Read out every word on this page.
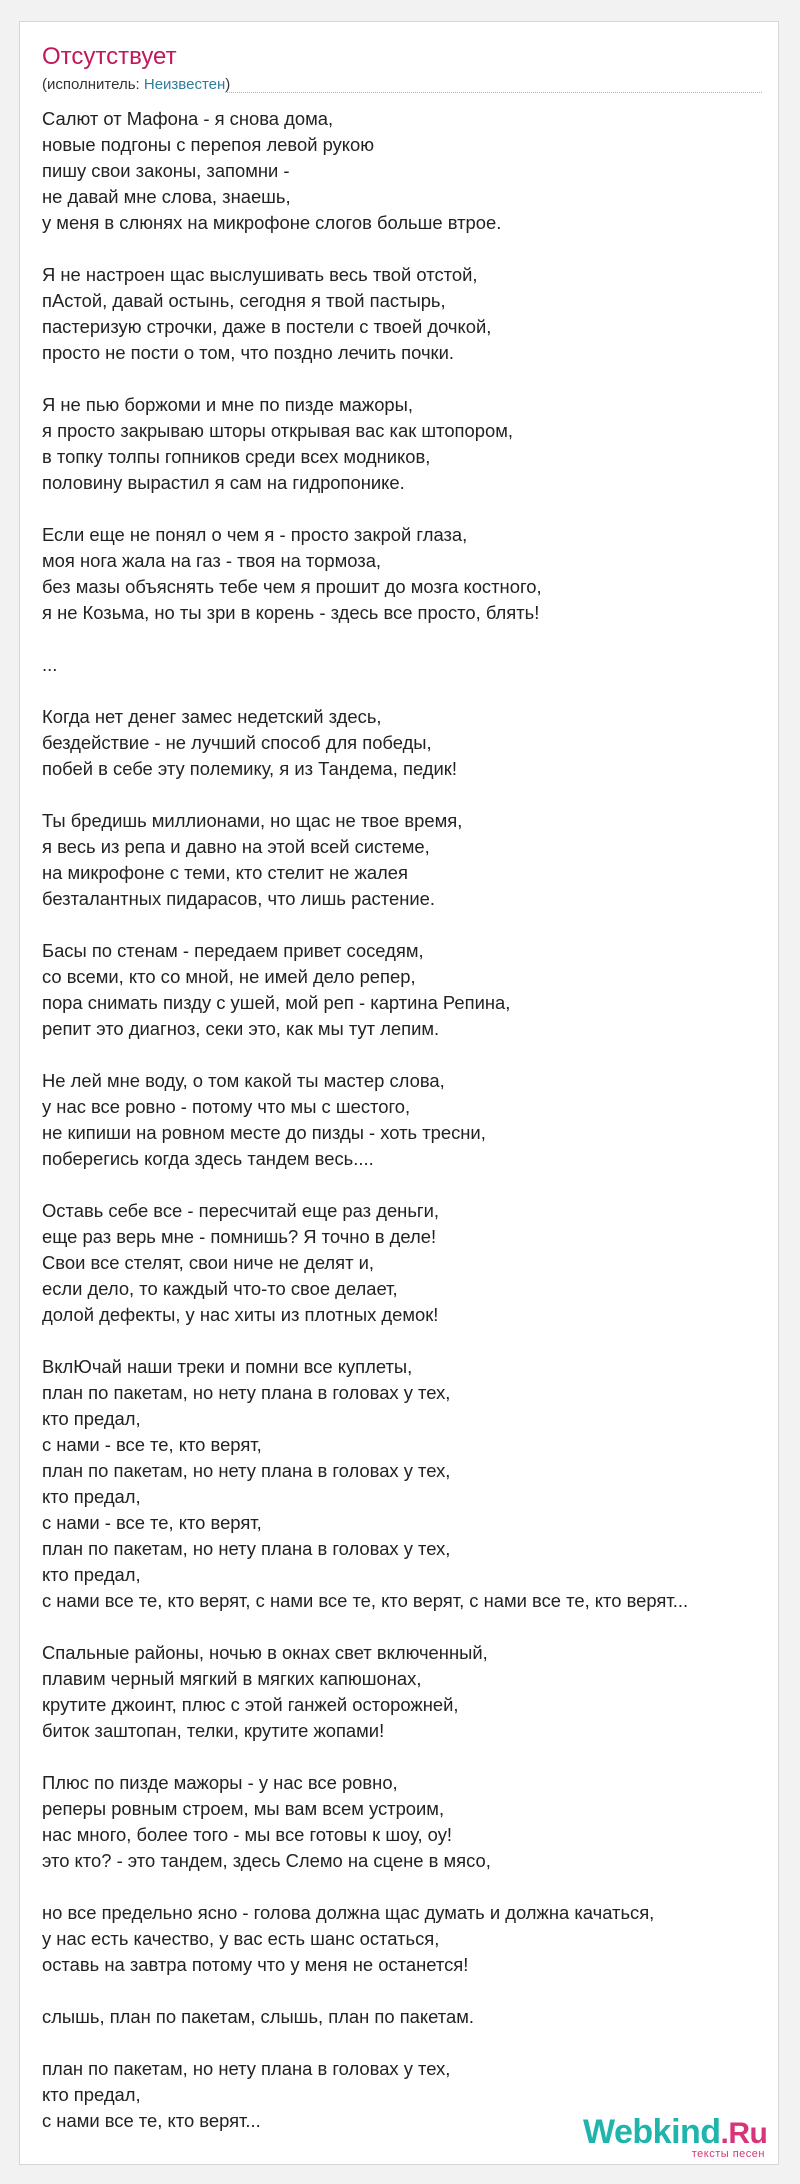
Отсутствует
(исполнитель: Неизвестен)
Салют от Мафона - я снова дома,
новые подгоны с перепоя левой рукою
пишу свои законы, запомни -
не давай мне слова, знаешь,
у меня в слюнях на микрофоне слогов больше втрое.

Я не настроен щас выслушивать весь твой отстой,
пАстой, давай остынь, сегодня я твой пастырь,
пастеризую строчки, даже в постели с твоей дочкой,
просто не пости о том, что поздно лечить почки.

Я не пью боржоми и мне по пизде мажоры,
я просто закрываю шторы открывая вас как штопором,
в топку толпы гопников среди всех модников,
половину вырастил я сам на гидропонике.

Если еще не понял о чем я - просто закрой глаза,
моя нога жала на газ - твоя на тормоза,
без мазы объяснять тебе чем я прошит до мозга костного,
я не Козьма, но ты зри в корень - здесь все просто, блять!

...

Когда нет денег замес недетский здесь,
бездействие - не лучший способ для победы,
побей в себе эту полемику, я из Тандема, педик!

Ты бредишь миллионами, но щас не твое время,
я весь из репа и давно на этой всей системе,
на микрофоне с теми, кто стелит не жалея
безталантных пидарасов, что лишь растение.

Басы по стенам - передаем привет соседям,
со всеми, кто со мной, не имей дело репер,
пора снимать пизду с ушей, мой реп - картина Репина,
репит это диагноз, секи это, как мы тут лепим.

Не лей мне воду, о том какой ты мастер слова,
у нас все ровно - потому что мы с шестого,
не кипиши на ровном месте до пизды - хоть тресни,
поберегись когда здесь тандем весь....

Оставь себе все - пересчитай еще раз деньги,
еще раз верь мне - помнишь? Я точно в деле!
Свои все стелят, свои ниче не делят и,
если дело, то каждый что-то свое делает,
долой дефекты, у нас хиты из плотных демок!

ВклЮчай наши треки и помни все куплеты,
план по пакетам, но нету плана в головах у тех,
кто предал,
с нами - все те, кто верят,
план по пакетам, но нету плана в головах у тех,
кто предал,
с нами - все те, кто верят,
план по пакетам, но нету плана в головах у тех,
кто предал,
с нами все те, кто верят, с нами все те, кто верят, с нами все те, кто верят...

Спальные районы, ночью в окнах свет включенный,
плавим черный мягкий в мягких капюшонах,
крутите джоинт, плюс с этой ганжей осторожней,
биток заштопан, телки, крутите жопами!

Плюс по пизде мажоры - у нас все ровно,
реперы ровным строем, мы вам всем устроим,
нас много, более того - мы все готовы к шоу, оу!
это кто? - это тандем, здесь Слемо на сцене в мясо,

но все предельно ясно - голова должна щас думать и должна качаться,
у нас есть качество, у вас есть шанс остаться,
оставь на завтра потому что у меня не останется!

слышь, план по пакетам, слышь, план по пакетам.

план по пакетам, но нету плана в головах у тех,
кто предал,
с нами все те, кто верят...	Webkind.Ru
тексты песен
